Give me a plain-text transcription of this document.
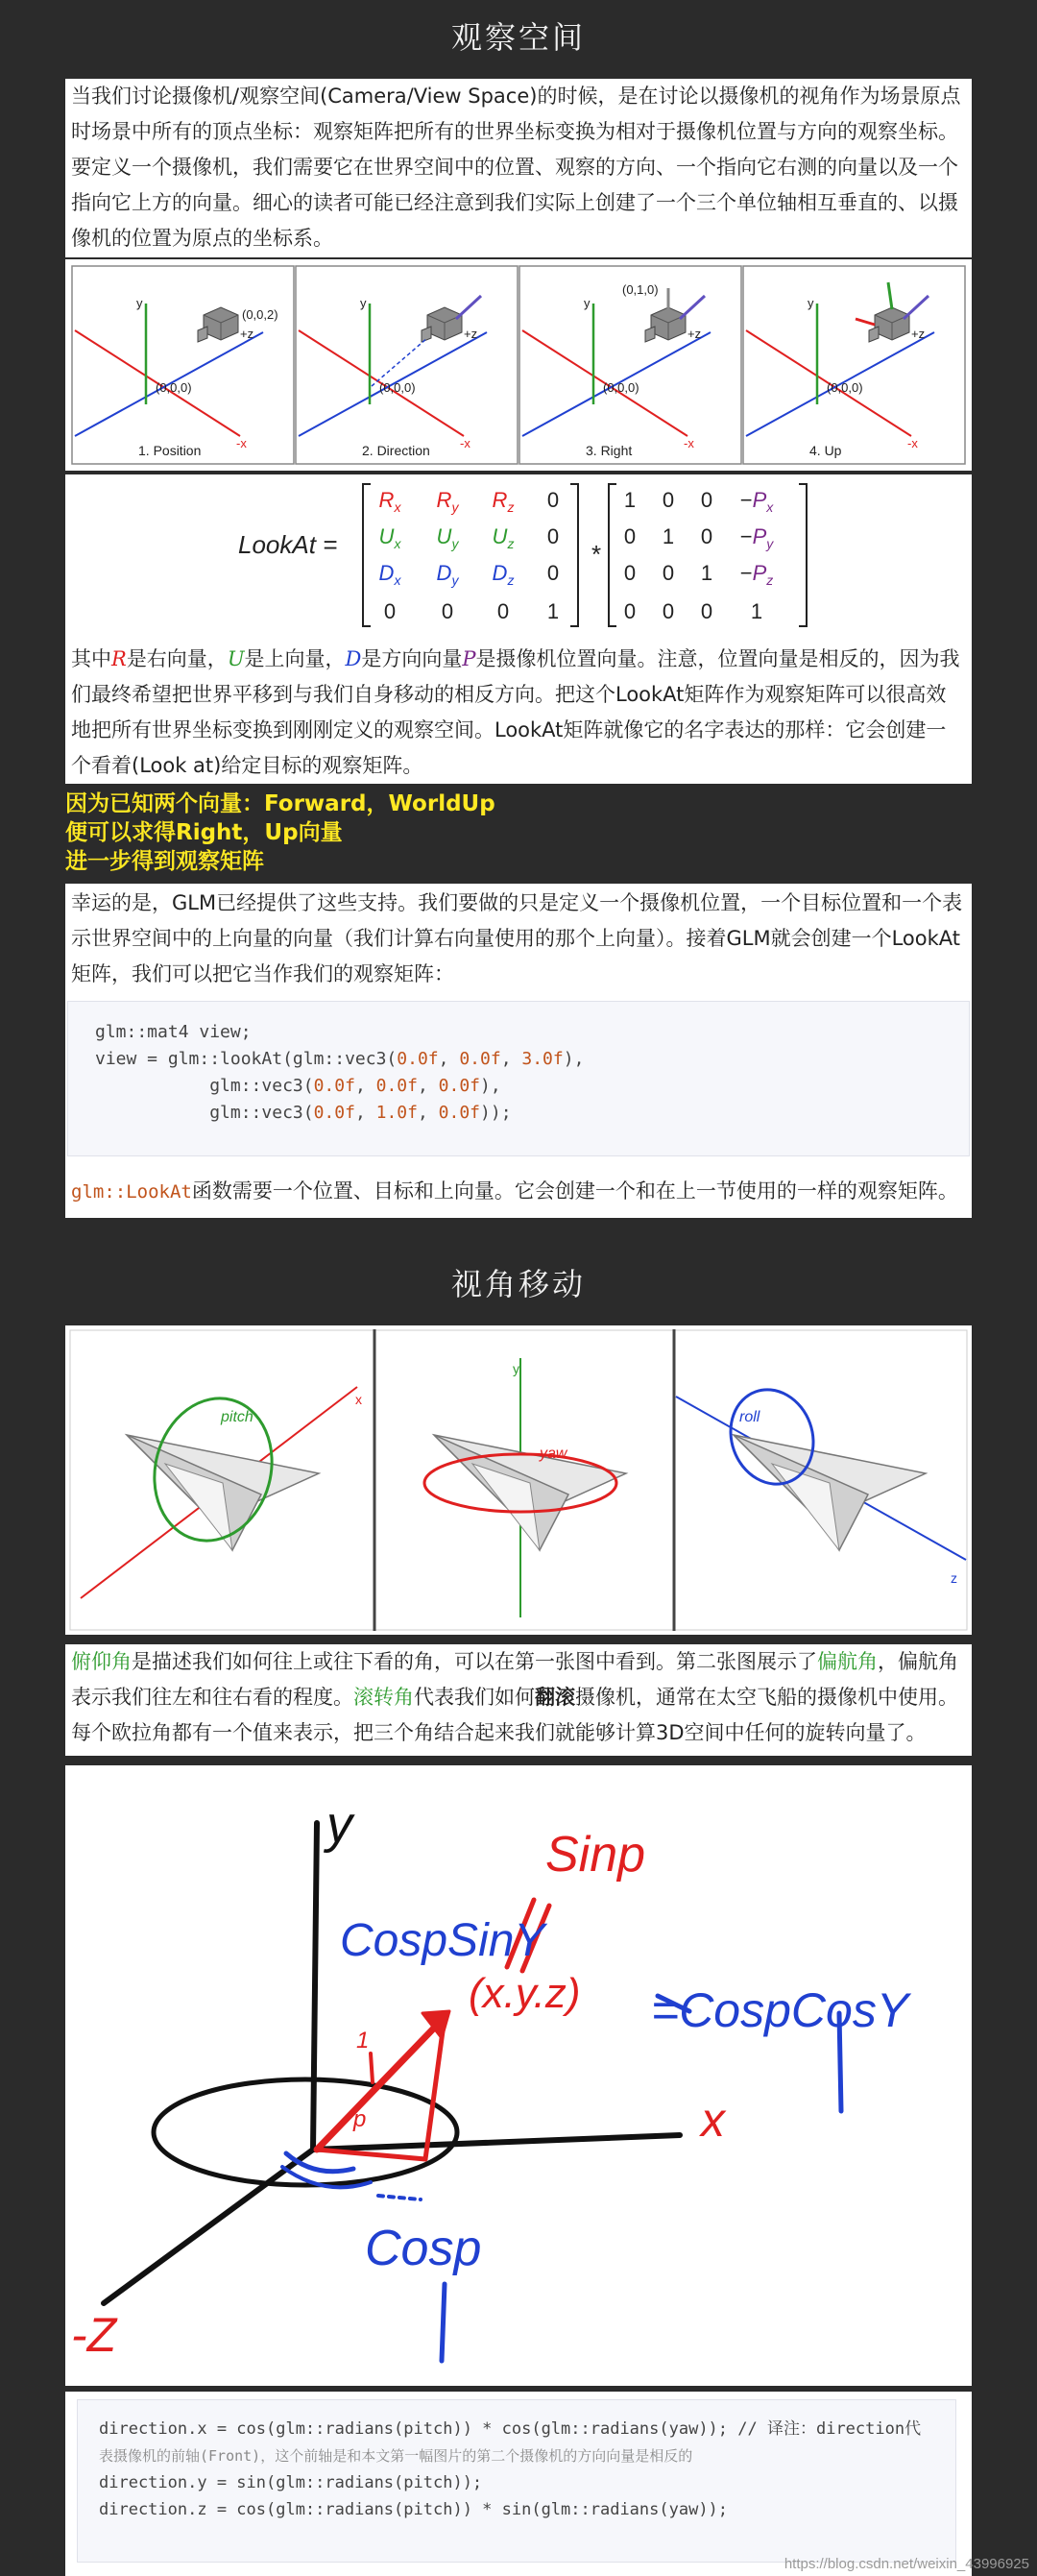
观察空间
当我们讨论摄像机/观察空间(Camera/View Space)的时候，是在讨论以摄像机的视角作为场景原点时场景中所有的顶点坐标：观察矩阵把所有的世界坐标变换为相对于摄像机位置与方向的观察坐标。要定义一个摄像机，我们需要它在世界空间中的位置、观察的方向、一个指向它右测的向量以及一个指向它上方的向量。细心的读者可能已经注意到我们实际上创建了一个三个单位轴相互垂直的、以摄像机的位置为原点的坐标系。
y
+z
-x
(0,0,0)
(0,0,2)
1. Position
y
+z
-x
(0,0,0)
2. Direction
y
+z
-x
(0,0,0)
(0,1,0)
3. Right
y
+z
-x
(0,0,0)
4. Up
LookAt =	*
$R_x$ $R_y$ $R_z$ 0
$U_x$ $U_y$ $U_z$ 0
$D_x$ $D_y$ $D_z$ 0
0 0 0 1
1 0 $0 -P_x$
0 1 $0 -P_y$
0 0 $1 -P_z$
0 0 0 1
其中R是右向量，U是上向量，D是方向向量P是摄像机位置向量。注意，位置向量是相反的，因为我们最终希望把世界平移到与我们自身移动的相反方向。把这个LookAt矩阵作为观察矩阵可以很高效地把所有世界坐标变换到刚刚定义的观察空间。LookAt矩阵就像它的名字表达的那样：它会创建一个看着(Look at)给定目标的观察矩阵。
因为已知两个向量：Forward，WorldUp
便可以求得Right，Up向量
进一步得到观察矩阵
幸运的是，GLM已经提供了这些支持。我们要做的只是定义一个摄像机位置，一个目标位置和一个表示世界空间中的上向量的向量（我们计算右向量使用的那个上向量）。接着GLM就会创建一个LookAt矩阵，我们可以把它当作我们的观察矩阵：
glm::mat4 view;
view = glm::lookAt(glm::vec3(0.0f, 0.0f, 3.0f),
glm::vec3(0.0f, 0.0f, 0.0f),
glm::vec3(0.0f, 1.0f, 0.0f));
glm::LookAt函数需要一个位置、目标和上向量。它会创建一个和在上一节使用的一样的观察矩阵。
视角移动
x
pitch
y
yaw
z
roll
俯仰角是描述我们如何往上或往下看的角，可以在第一张图中看到。第二张图展示了偏航角，偏航角表示我们往左和往右看的程度。滚转角代表我们如何翻滚摄像机，通常在太空飞船的摄像机中使用。每个欧拉角都有一个值来表示，把三个角结合起来我们就能够计算3D空间中任何的旋转向量了。
y
x
-Z
Sinp
(x.y.z)
CospSinY
=CospCosY
Cosp
1
p
direction.x = cos(glm::radians(pitch)) * cos(glm::radians(yaw)); // 译注：direction代
表摄像机的前轴(Front)，这个前轴是和本文第一幅图片的第二个摄像机的方向向量是相反的
direction.y = sin(glm::radians(pitch));
direction.z = cos(glm::radians(pitch)) * sin(glm::radians(yaw));
https://blog.csdn.net/weixin_43996925
